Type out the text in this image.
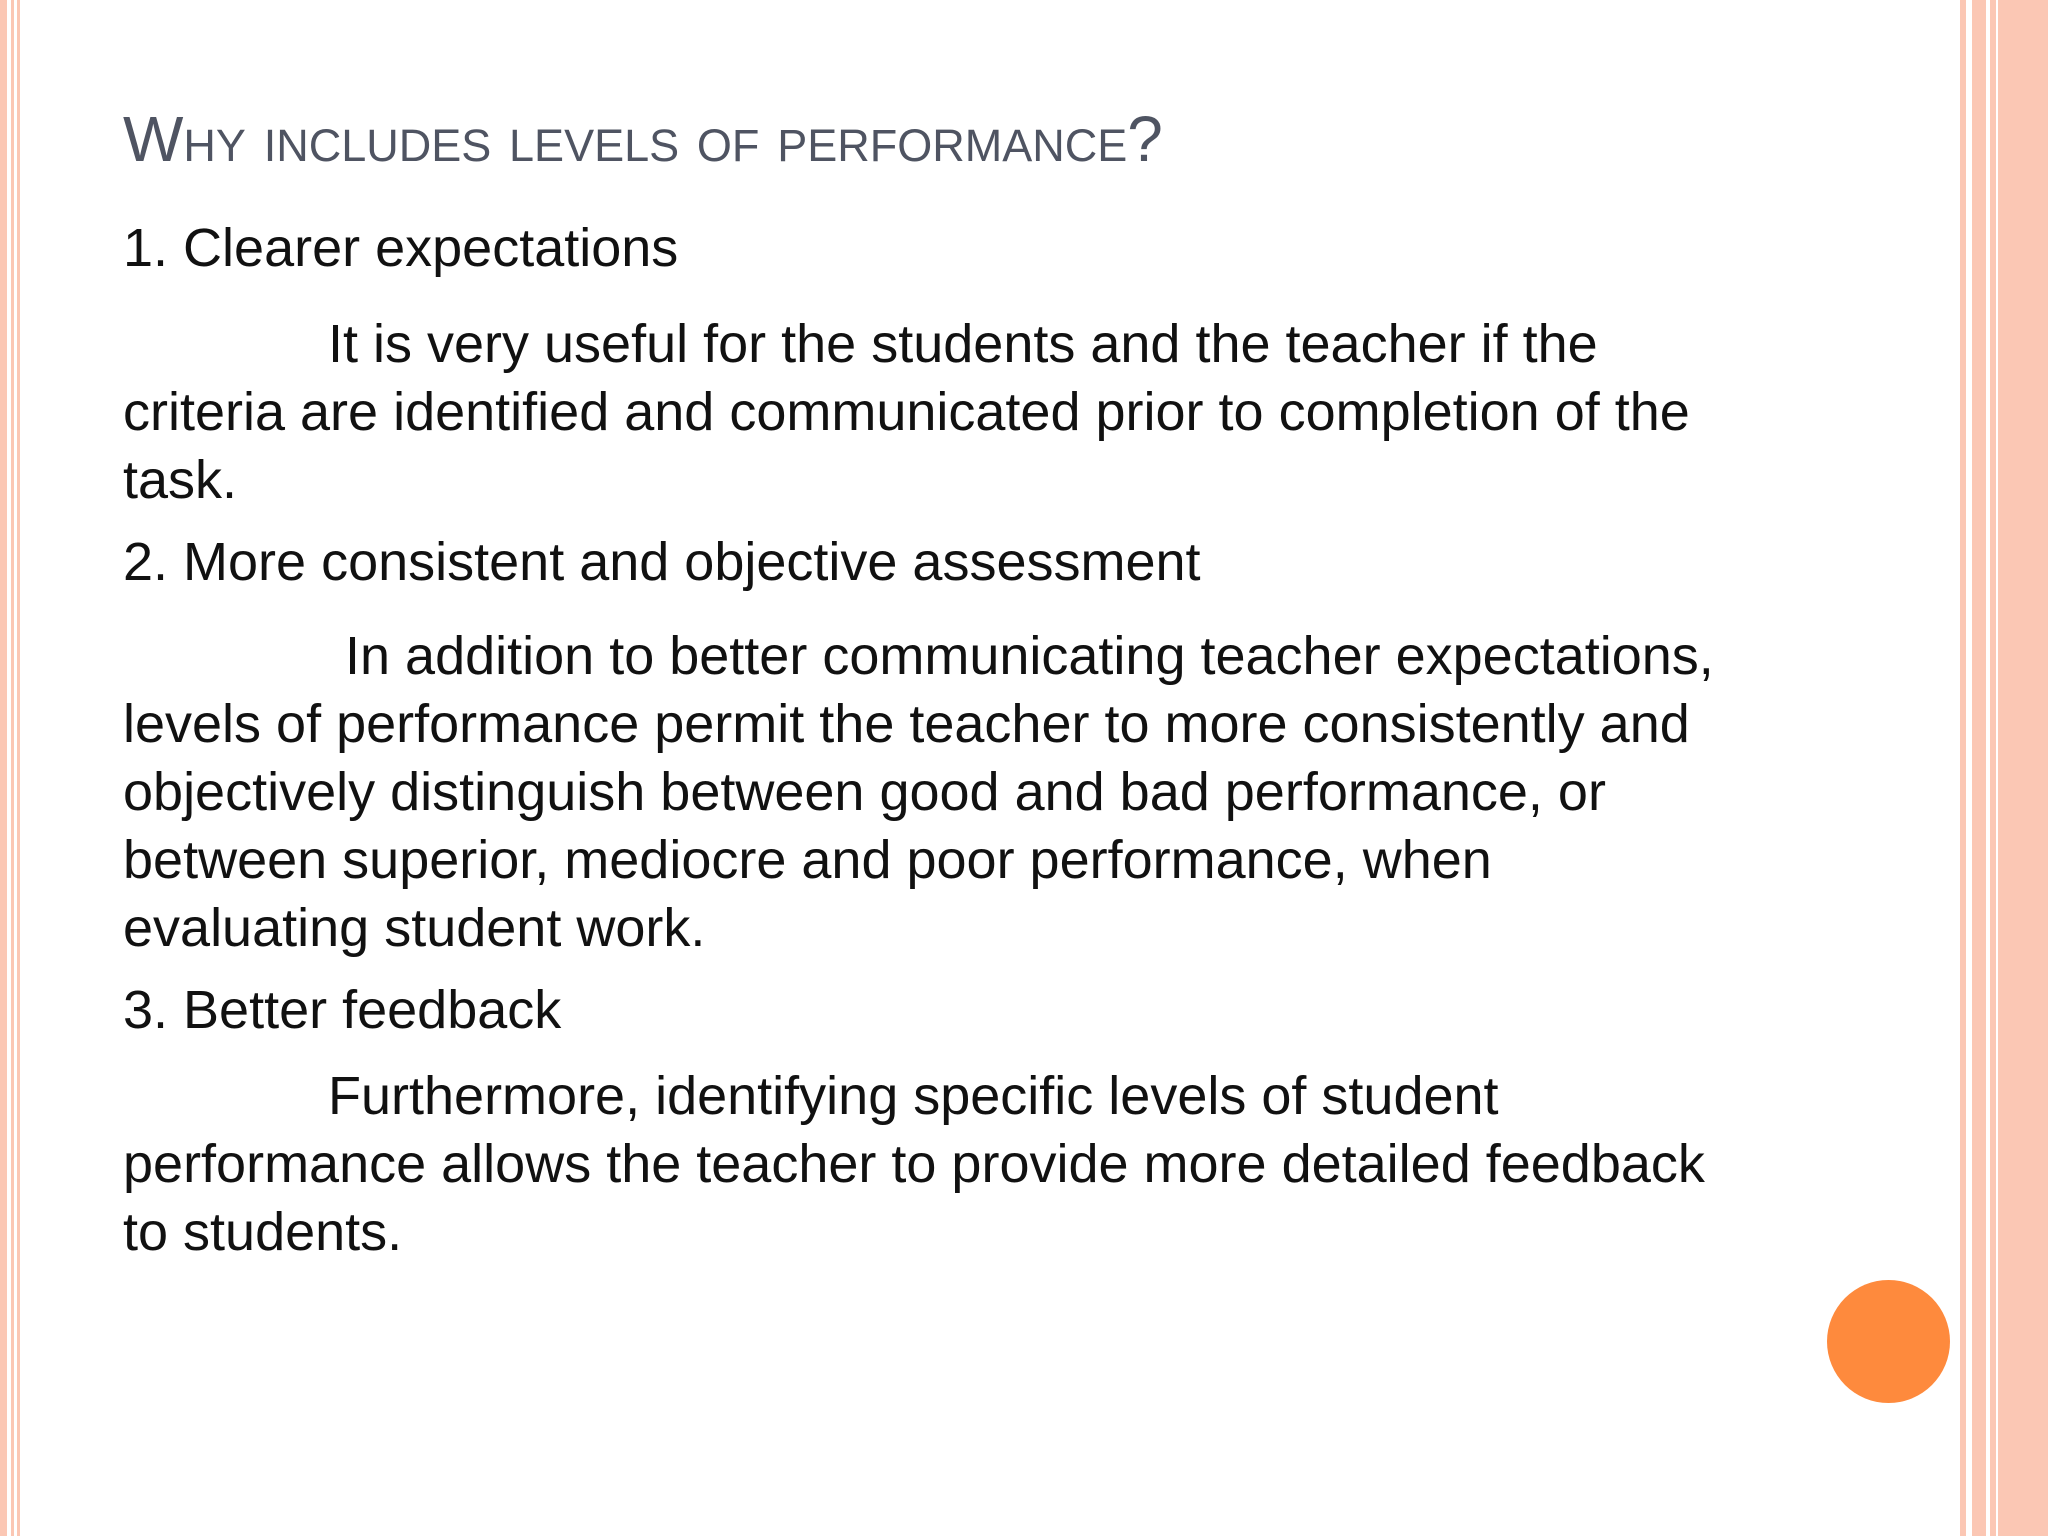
Why includes levels of performance?

1. Clearer expectations

It is very useful for the students and the teacher if the criteria are identified and communicated prior to completion of the task.

2. More consistent and objective assessment

In addition to better communicating teacher expectations, levels of performance permit the teacher to more consistently and objectively distinguish between good and bad performance, or between superior, mediocre and poor performance, when evaluating student work.

3. Better feedback

Furthermore, identifying specific levels of student performance allows the teacher to provide more detailed feedback to students.
